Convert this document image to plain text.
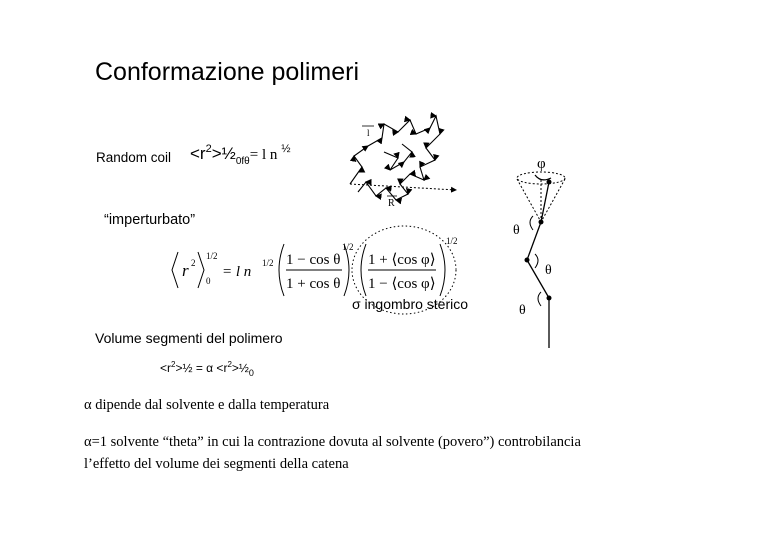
Conformazione polimeri
Random coil $<r^2>\frac{1}{2}_{0f\theta}= l$ n $^{\frac{1}{2}}$
l
R
“imperturbato”
r 2
1/2
0
= l n
1/2 1 − cos θ
1 + cos θ
1/2
1 + ⟨cos φ⟩
1 − ⟨cos φ⟩
1/2
σ ingombro sterico
φ
θ
θ
θ
Volume segmenti del polimero
$<r^2>\frac{1}{2} = \alpha$ $<r^2>\frac{1}{2}_0$
α dipende dal solvente e dalla temperatura
α=1 solvente “theta” in cui la contrazione dovuta al solvente (povero”) controbilancia
l’effetto del volume dei segmenti della catena
